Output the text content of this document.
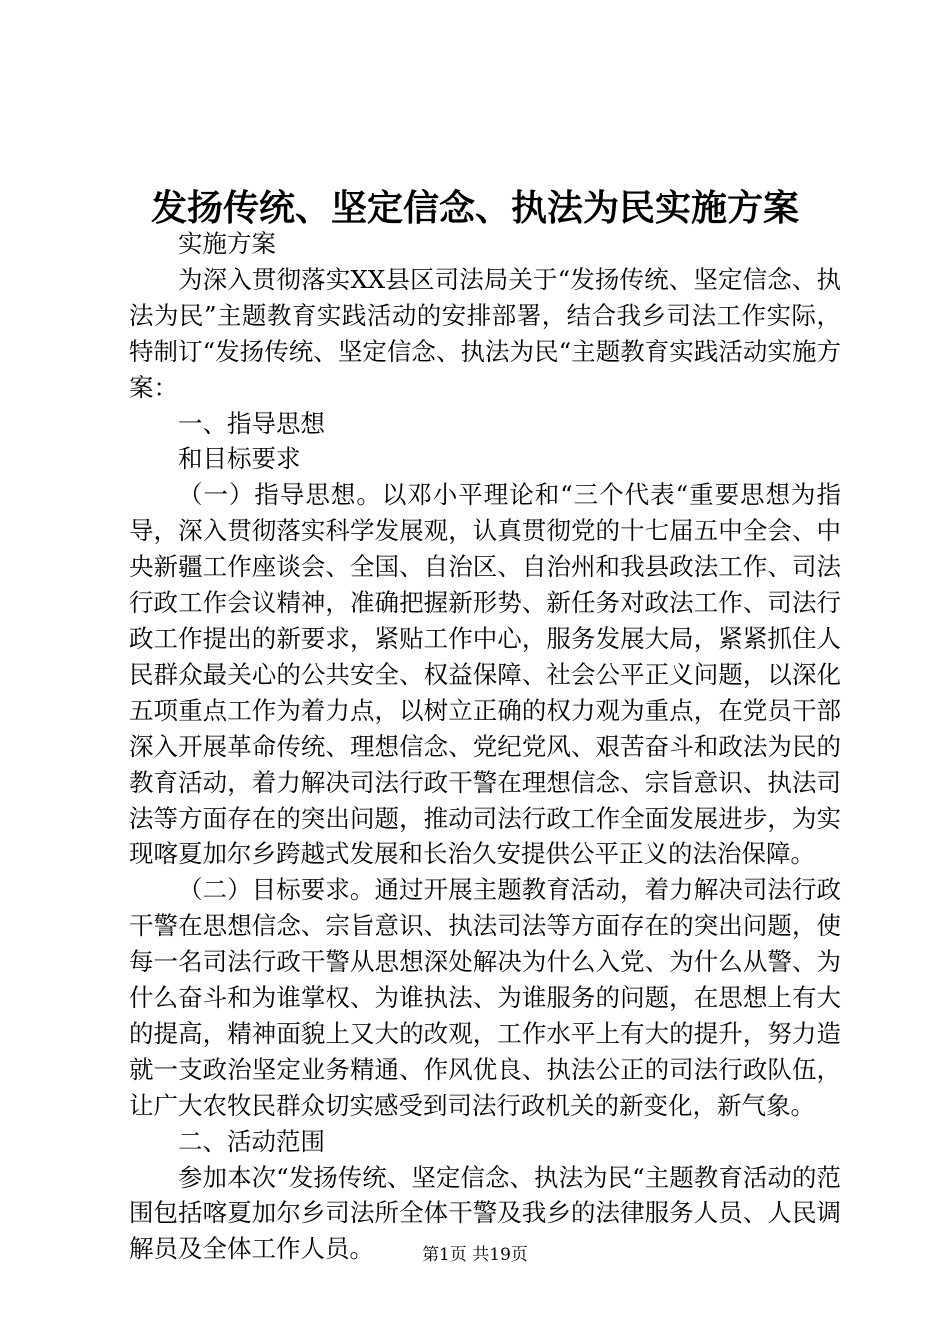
发扬传统、坚定信念、执法为民实施方案

实施方案

为深入贯彻落实XX县区司法局关于“发扬传统、坚定信念、执法为民”主题教育实践活动的安排部署，结合我乡司法工作实际，特制订“发扬传统、坚定信念、执法为民“主题教育实践活动实施方案：

一、指导思想

和目标要求

（一）指导思想。以邓小平理论和“三个代表“重要思想为指导，深入贯彻落实科学发展观，认真贯彻党的十七届五中全会、中央新疆工作座谈会、全国、自治区、自治州和我县政法工作、司法行政工作会议精神，准确把握新形势、新任务对政法工作、司法行政工作提出的新要求，紧贴工作中心，服务发展大局，紧紧抓住人民群众最关心的公共安全、权益保障、社会公平正义问题，以深化五项重点工作为着力点，以树立正确的权力观为重点，在党员干部深入开展革命传统、理想信念、党纪党风、艰苦奋斗和政法为民的教育活动，着力解决司法行政干警在理想信念、宗旨意识、执法司法等方面存在的突出问题，推动司法行政工作全面发展进步，为实现喀夏加尔乡跨越式发展和长治久安提供公平正义的法治保障。

（二）目标要求。通过开展主题教育活动，着力解决司法行政干警在思想信念、宗旨意识、执法司法等方面存在的突出问题，使每一名司法行政干警从思想深处解决为什么入党、为什么从警、为什么奋斗和为谁掌权、为谁执法、为谁服务的问题，在思想上有大的提高，精神面貌上又大的改观，工作水平上有大的提升，努力造就一支政治坚定业务精通、作风优良、执法公正的司法行政队伍，让广大农牧民群众切实感受到司法行政机关的新变化，新气象。

二、活动范围

参加本次“发扬传统、坚定信念、执法为民“主题教育活动的范围包括喀夏加尔乡司法所全体干警及我乡的法律服务人员、人民调解员及全体工作人员。	第1页 共19页
